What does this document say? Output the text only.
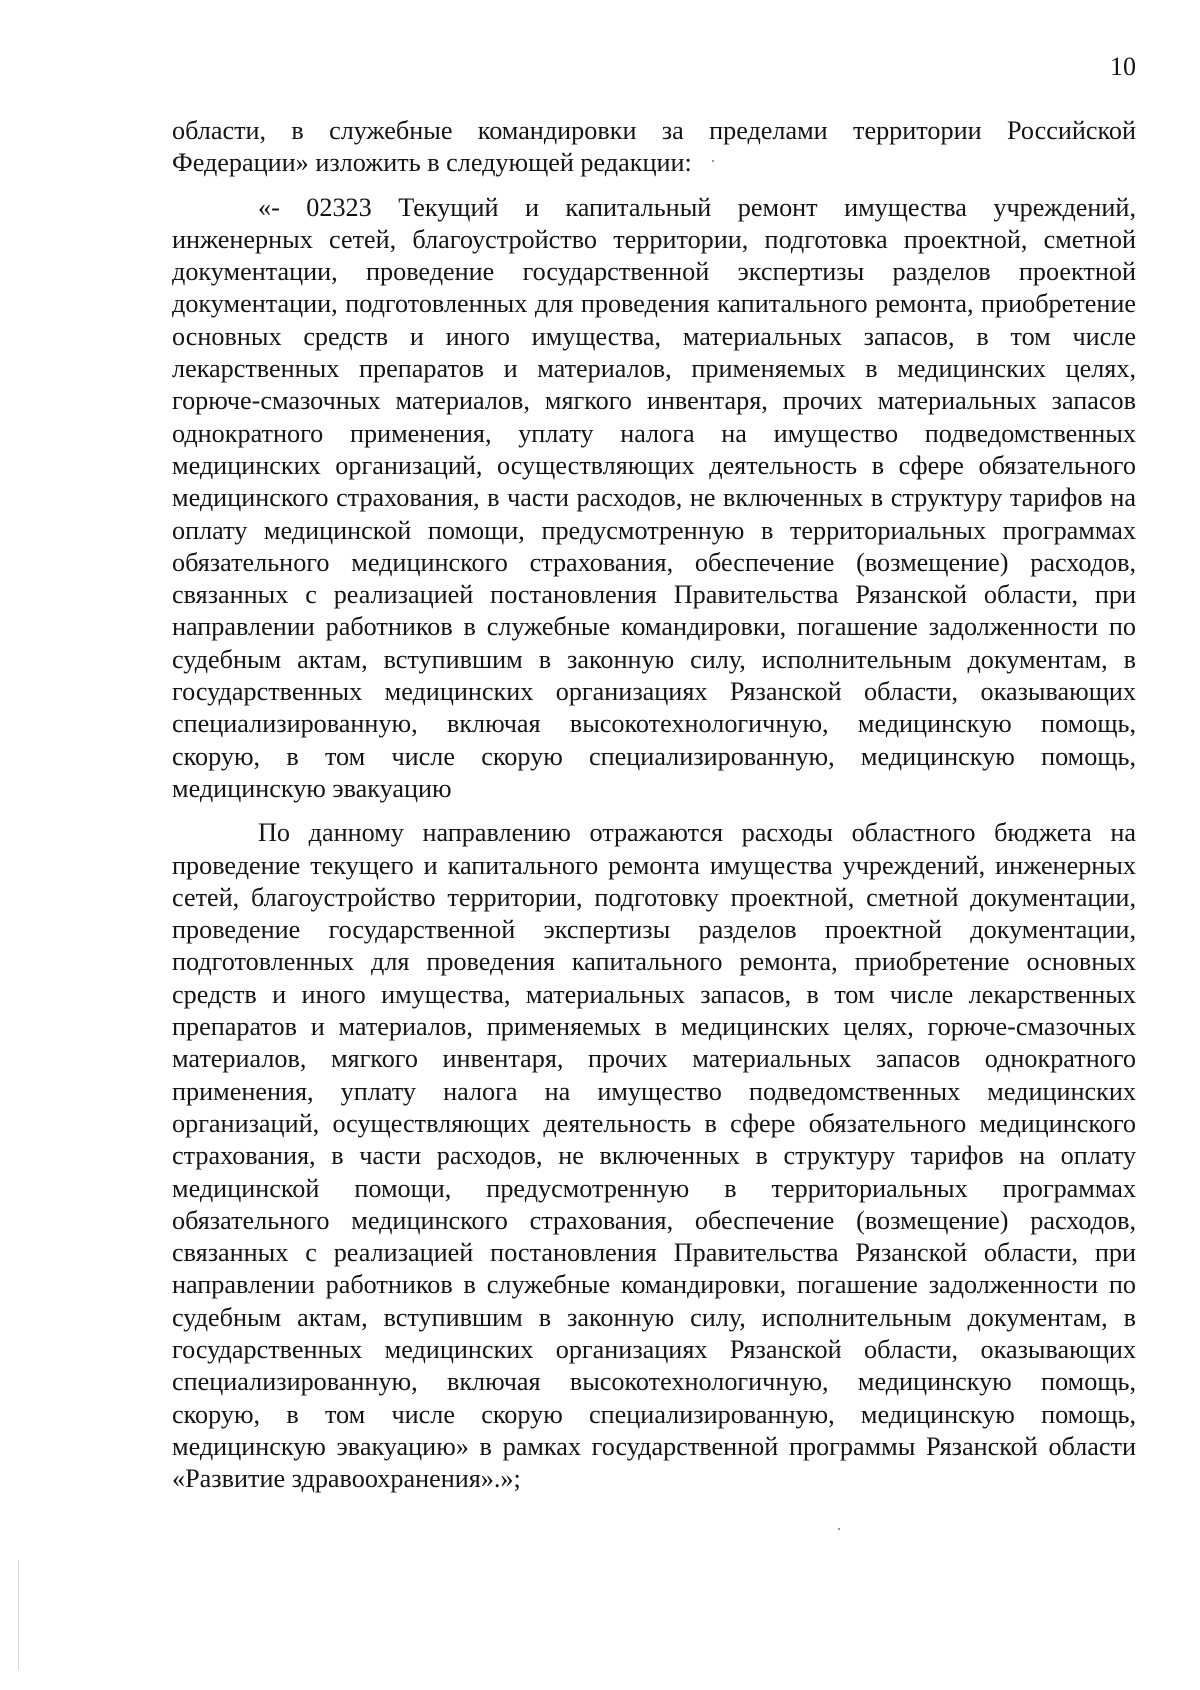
10

области, в служебные командировки за пределами территории Российской Федерации» изложить в следующей редакции:

«- 02323 Текущий и капитальный ремонт имущества учреждений, инженерных сетей, благоустройство территории, подготовка проектной, сметной документации, проведение государственной экспертизы разделов проектной документации, подготовленных для проведения капитального ремонта, приобретение основных средств и иного имущества, материальных запасов, в том числе лекарственных препаратов и материалов, применяемых в медицинских целях, горюче-смазочных материалов, мягкого инвентаря, прочих материальных запасов однократного применения, уплату налога на имущество подведомственных медицинских организаций, осуществляющих деятельность в сфере обязательного медицинского страхования, в части расходов, не включенных в структуру тарифов на оплату медицинской помощи, предусмотренную в территориальных программах обязательного медицинского страхования, обеспечение (возмещение) расходов, связанных с реализацией постановления Правительства Рязанской области, при направлении работников в служебные командировки, погашение задолженности по судебным актам, вступившим в законную силу, исполнительным документам, в государственных медицинских организациях Рязанской области, оказывающих специализированную, включая высокотехнологичную, медицинскую помощь, скорую, в том числе скорую специализированную, медицинскую помощь, медицинскую эвакуацию

По данному направлению отражаются расходы областного бюджета на проведение текущего и капитального ремонта имущества учреждений, инженерных сетей, благоустройство территории, подготовку проектной, сметной документации, проведение государственной экспертизы разделов проектной документации, подготовленных для проведения капитального ремонта, приобретение основных средств и иного имущества, материальных запасов, в том числе лекарственных препаратов и материалов, применяемых в медицинских целях, горюче-смазочных материалов, мягкого инвентаря, прочих материальных запасов однократного применения, уплату налога на имущество подведомственных медицинских организаций, осуществляющих деятельность в сфере обязательного медицинского страхования, в части расходов, не включенных в структуру тарифов на оплату медицинской помощи, предусмотренную в территориальных программах обязательного медицинского страхования, обеспечение (возмещение) расходов, связанных с реализацией постановления Правительства Рязанской области, при направлении работников в служебные командировки, погашение задолженности по судебным актам, вступившим в законную силу, исполнительным документам, в государственных медицинских организациях Рязанской области, оказывающих специализированную, включая высокотехнологичную, медицинскую помощь, скорую, в том числе скорую специализированную, медицинскую помощь, медицинскую эвакуацию» в рамках государственной программы Рязанской области «Развитие здравоохранения».»;
